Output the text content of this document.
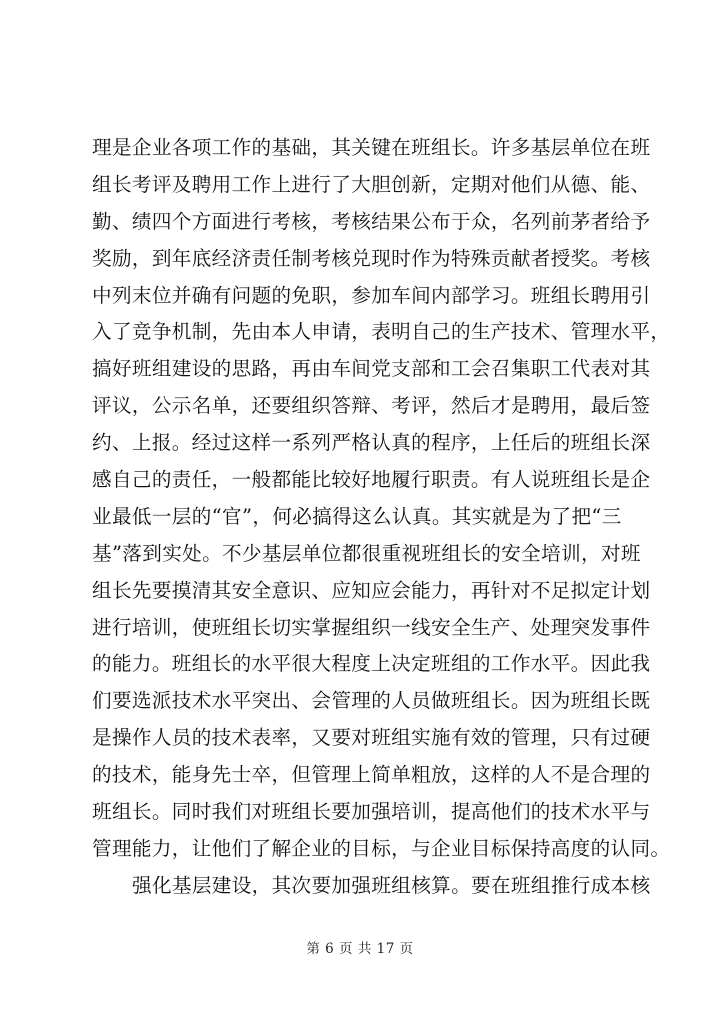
理是企业各项工作的基础，其关键在班组长。许多基层单位在班
组长考评及聘用工作上进行了大胆创新，定期对他们从德、能、
勤、绩四个方面进行考核，考核结果公布于众，名列前茅者给予
奖励，到年底经济责任制考核兑现时作为特殊贡献者授奖。考核
中列末位并确有问题的免职，参加车间内部学习。班组长聘用引
入了竞争机制，先由本人申请，表明自己的生产技术、管理水平，
搞好班组建设的思路，再由车间党支部和工会召集职工代表对其
评议，公示名单，还要组织答辩、考评，然后才是聘用，最后签
约、上报。经过这样一系列严格认真的程序，上任后的班组长深
感自己的责任，一般都能比较好地履行职责。有人说班组长是企
业最低一层的“官”，何必搞得这么认真。其实就是为了把“三
基”落到实处。不少基层单位都很重视班组长的安全培训，对班
组长先要摸清其安全意识、应知应会能力，再针对不足拟定计划
进行培训，使班组长切实掌握组织一线安全生产、处理突发事件
的能力。班组长的水平很大程度上决定班组的工作水平。因此我
们要选派技术水平突出、会管理的人员做班组长。因为班组长既
是操作人员的技术表率，又要对班组实施有效的管理，只有过硬
的技术，能身先士卒，但管理上简单粗放，这样的人不是合理的
班组长。同时我们对班组长要加强培训，提高他们的技术水平与
管理能力，让他们了解企业的目标，与企业目标保持高度的认同。
强化基层建设，其次要加强班组核算。要在班组推行成本核
第 6 页 共 17 页
